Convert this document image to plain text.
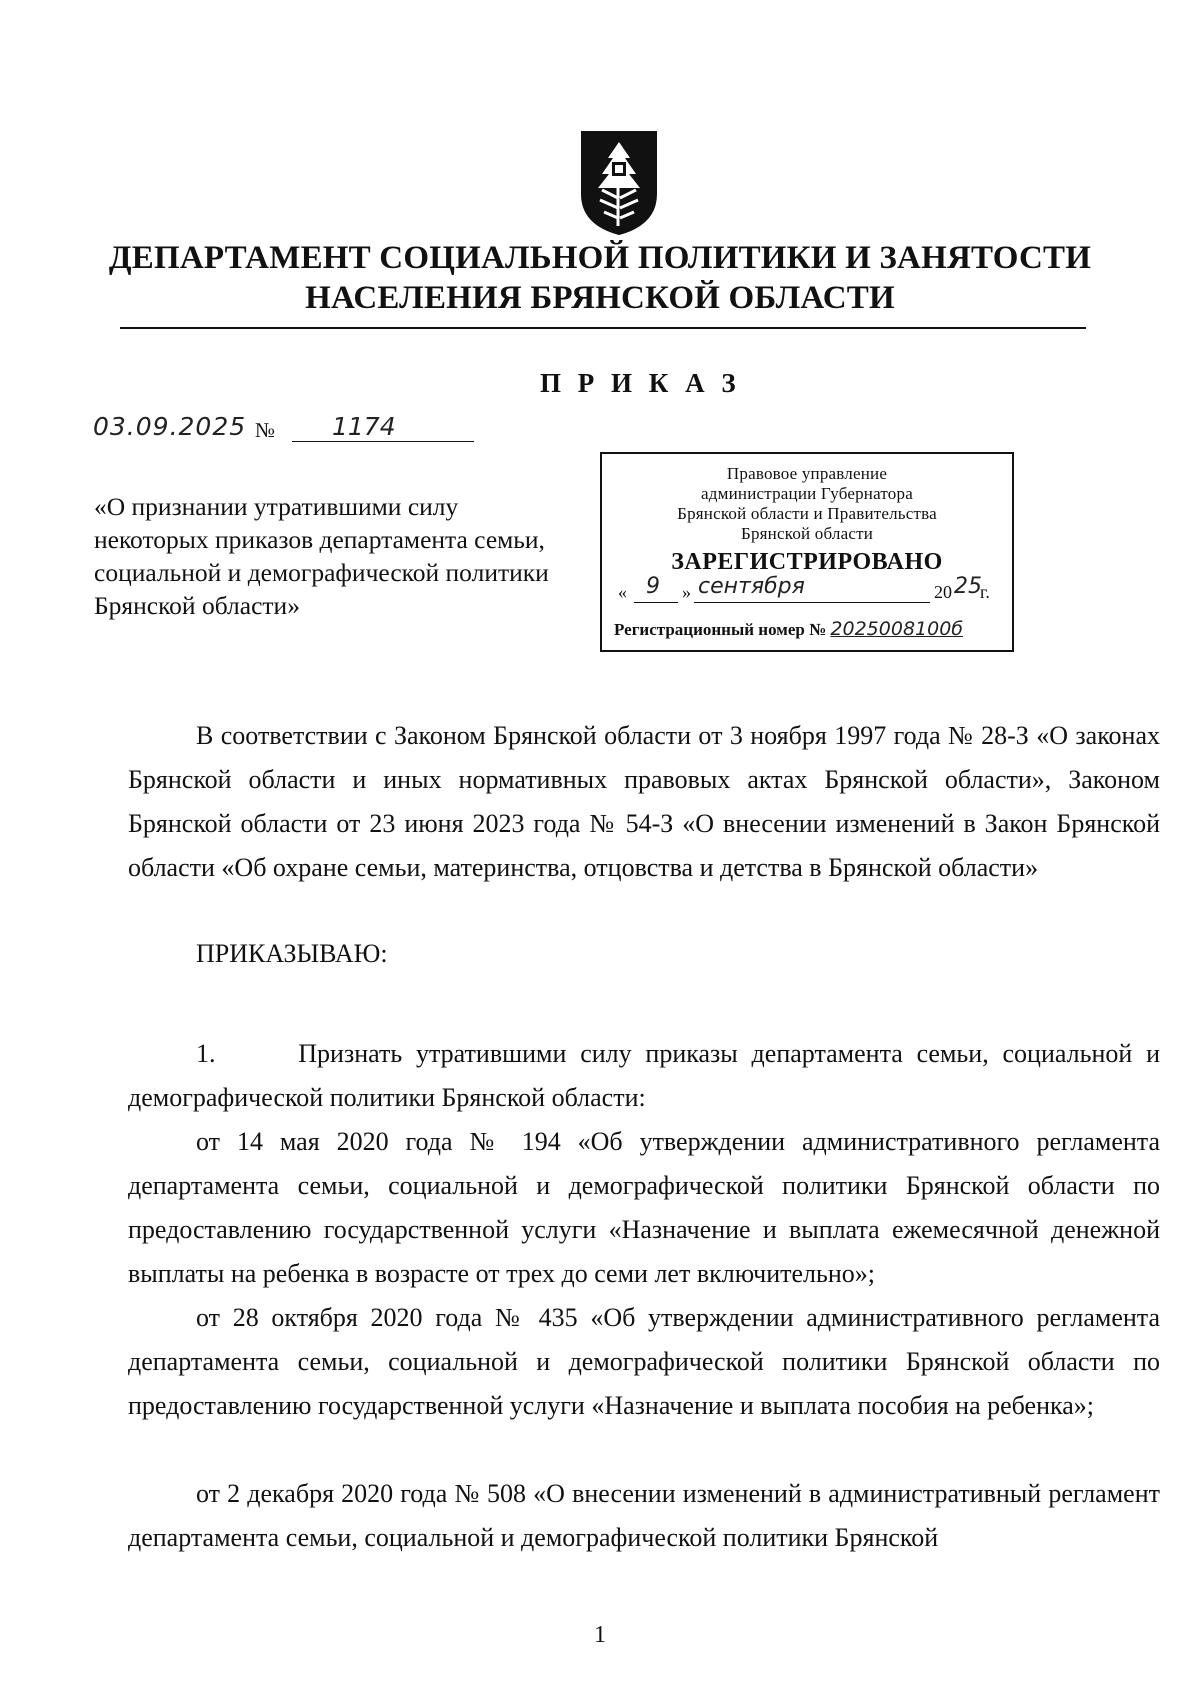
ДЕПАРТАМЕНТ СОЦИАЛЬНОЙ ПОЛИТИКИ И ЗАНЯТОСТИ
НАСЕЛЕНИЯ БРЯНСКОЙ ОБЛАСТИ
П Р И К А З
03.09.2025 № 1174
«О признании утратившими силу некоторых приказов департамента семьи, социальной и демографической политики Брянской области»
Правовое управление
администрации Губернатора
Брянской области и Правительства
Брянской области
ЗАРЕГИСТРИРОВАНО
« 9 » сентября	20 25
г.
Регистрационный номер № 2025008100б
В соответствии с Законом Брянской области от 3 ноября 1997 года № 28-З «О законах Брянской области и иных нормативных правовых актах Брянской области», Законом Брянской области от 23 июня 2023 года № 54-З «О внесении изменений в Закон Брянской области «Об охране семьи, материнства, отцовства и детства в Брянской области»
ПРИКАЗЫВАЮ:
1.      Признать утратившими силу приказы департамента семьи, социальной и демографической политики Брянской области:
от 14 мая 2020 года № 194 «Об утверждении административного регламента департамента семьи, социальной и демографической политики Брянской области по предоставлению государственной услуги «Назначение и выплата ежемесячной денежной выплаты на ребенка в возрасте от трех до семи лет включительно»;
от 28 октября 2020 года № 435 «Об утверждении административного регламента департамента семьи, социальной и демографической политики Брянской области по предоставлению государственной услуги «Назначение и выплата пособия на ребенка»;
от 2 декабря 2020 года № 508 «О внесении изменений в административный регламент департамента семьи, социальной и демографической политики Брянской
1
